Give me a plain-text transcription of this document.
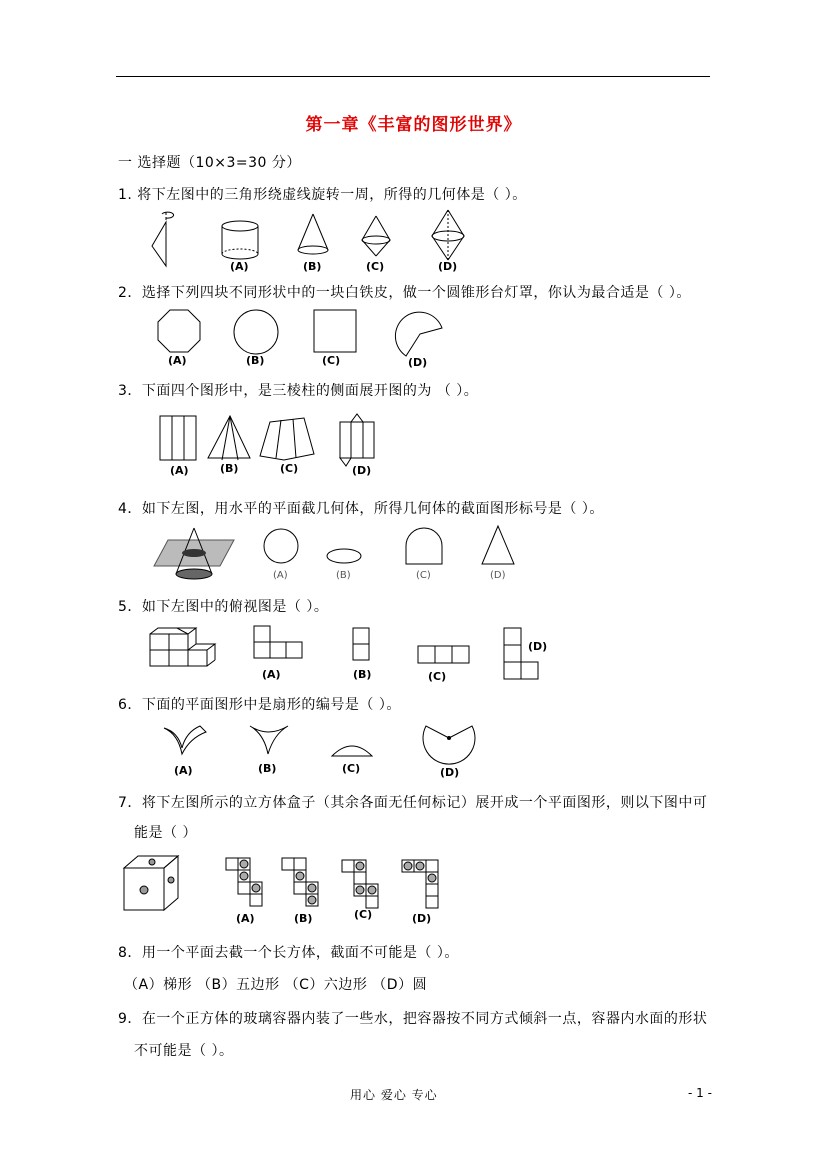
第一章《丰富的图形世界》
一 选择题（10×3=30 分）
1. 将下左图中的三角形绕虚线旋转一周，所得的几何体是（ ）。
(A)	(B)	(C)	(D)
2．选择下列四块不同形状中的一块白铁皮，做一个圆锥形台灯罩，你认为最合适是（ ）。
(A)	(B)	(C)	(D)
3．下面四个图形中，是三棱柱的侧面展开图的为 （ ）。
(A)	(B)	(C)	(D)
4．如下左图，用水平的平面截几何体，所得几何体的截面图形标号是（ ）。
(A)	(B)	(C)	(D)
5．如下左图中的俯视图是（ ）。
(A)	(B)	(C)
(D)
6．下面的平面图形中是扇形的编号是（ ）。
(A)	(B)	(C)	(D)
7．将下左图所示的立方体盒子（其余各面无任何标记）展开成一个平面图形，则以下图中可
能是（ ）
(A)	(B)	(C)	(D)
8．用一个平面去截一个长方体，截面不可能是（ ）。
（A）梯形 （B）五边形 （C）六边形 （D）圆
9．在一个正方体的玻璃容器内装了一些水，把容器按不同方式倾斜一点，容器内水面的形状
不可能是（ ）。
用心 爱心 专心	- 1 -
